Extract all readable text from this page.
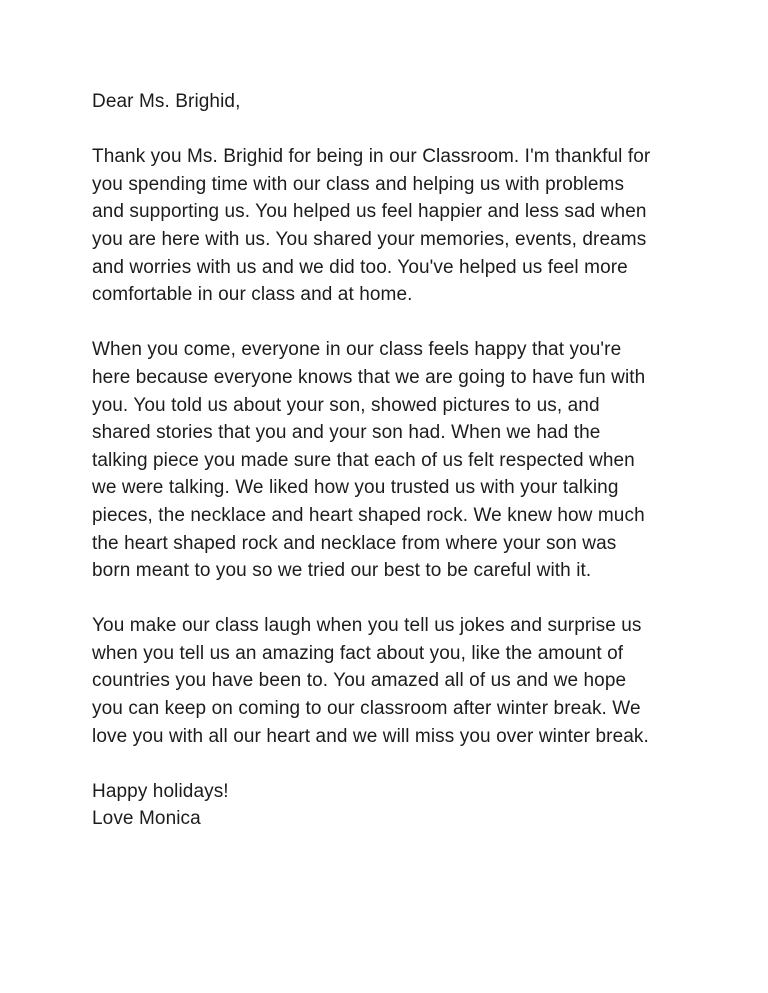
Dear Ms. Brighid,
Thank you Ms. Brighid for being in our Classroom. I'm thankful for
you spending time with our class and helping us with problems
and supporting us. You helped us feel happier and less sad when
you are here with us. You shared your memories, events, dreams
and worries with us and we did too. You've helped us feel more
comfortable in our class and at home.
When you come, everyone in our class feels happy that you're
here because everyone knows that we are going to have fun with
you. You told us about your son, showed pictures to us, and
shared stories that you and your son had. When we had the
talking piece you made sure that each of us felt respected when
we were talking. We liked how you trusted us with your talking
pieces, the necklace and heart shaped rock. We knew how much
the heart shaped rock and necklace from where your son was
born meant to you so we tried our best to be careful with it.
You make our class laugh when you tell us jokes and surprise us
when you tell us an amazing fact about you, like the amount of
countries you have been to. You amazed all of us and we hope
you can keep on coming to our classroom after winter break. We
love you with all our heart and we will miss you over winter break.
Happy holidays!
Love Monica
